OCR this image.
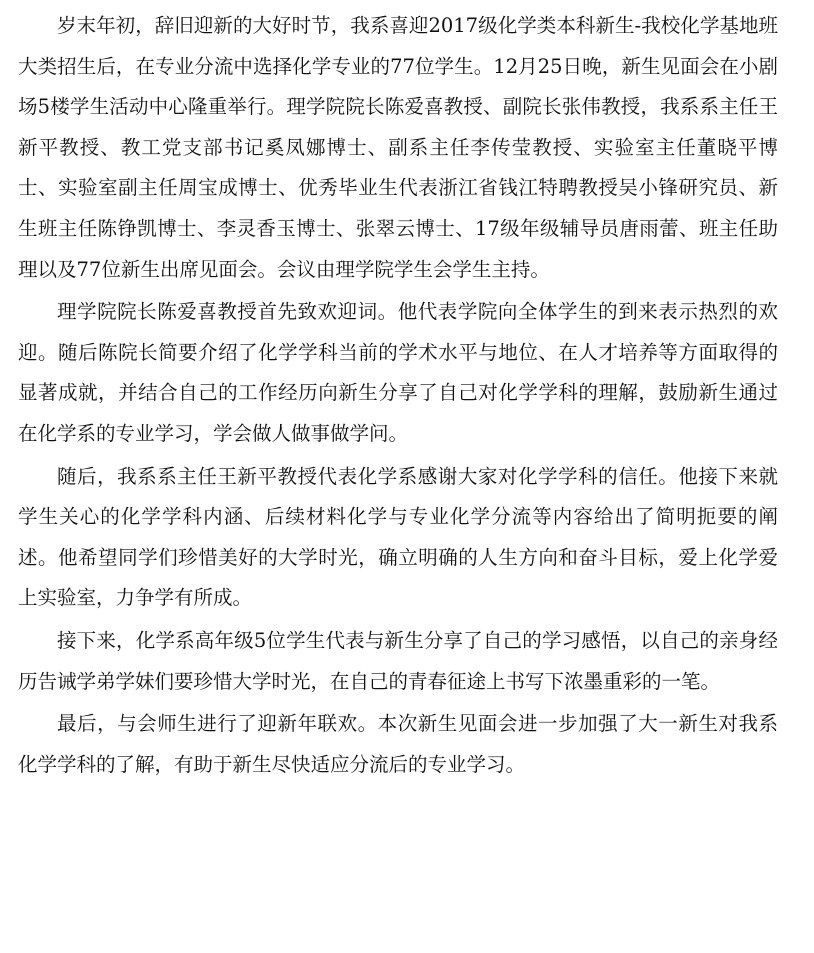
岁末年初，辞旧迎新的大好时节，我系喜迎2017级化学类本科新生-我校化学基地班大类招生后，在专业分流中选择化学专业的77位学生。12月25日晚，新生见面会在小剧场5楼学生活动中心隆重举行。理学院院长陈爱喜教授、副院长张伟教授，我系系主任王新平教授、教工党支部书记奚凤娜博士、副系主任李传莹教授、实验室主任董晓平博士、实验室副主任周宝成博士、优秀毕业生代表浙江省钱江特聘教授吴小锋研究员、新生班主任陈铮凯博士、李灵香玉博士、张翠云博士、17级年级辅导员唐雨蕾、班主任助理以及77位新生出席见面会。会议由理学院学生会学生主持。

理学院院长陈爱喜教授首先致欢迎词。他代表学院向全体学生的到来表示热烈的欢迎。随后陈院长简要介绍了化学学科当前的学术水平与地位、在人才培养等方面取得的显著成就，并结合自己的工作经历向新生分享了自己对化学学科的理解，鼓励新生通过在化学系的专业学习，学会做人做事做学问。

随后，我系系主任王新平教授代表化学系感谢大家对化学学科的信任。他接下来就学生关心的化学学科内涵、后续材料化学与专业化学分流等内容给出了简明扼要的阐述。他希望同学们珍惜美好的大学时光，确立明确的人生方向和奋斗目标，爱上化学爱上实验室，力争学有所成。

接下来，化学系高年级5位学生代表与新生分享了自己的学习感悟，以自己的亲身经历告诫学弟学妹们要珍惜大学时光，在自己的青春征途上书写下浓墨重彩的一笔。

最后，与会师生进行了迎新年联欢。本次新生见面会进一步加强了大一新生对我系化学学科的了解，有助于新生尽快适应分流后的专业学习。
